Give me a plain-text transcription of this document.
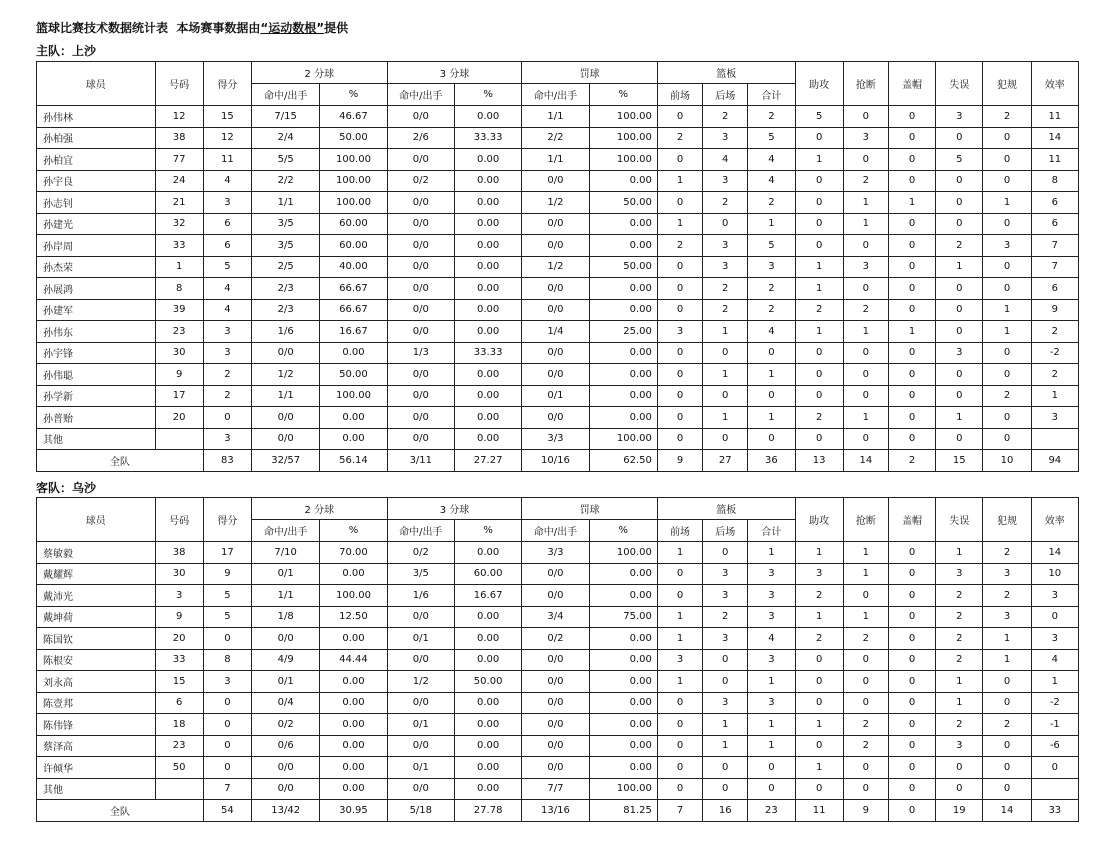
篮球比赛技术数据统计表 本场赛事数据由“运动数根”提供
主队：上沙
球员	号码	得分	2 分球		3 分球		罚球		篮板			助攻	抢断	盖帽	失误	犯规	效率
			命中/出手	%	命中/出手	%	命中/出手	%	前场	后场	合计						
孙伟林	12	15	7/15	46.67	0/0	0.00	1/1	100.00	0	2	2	5	0	0	3	2	11
孙柏强	38	12	2/4	50.00	2/6	33.33	2/2	100.00	2	3	5	0	3	0	0	0	14
孙柏宜	77	11	5/5	100.00	0/0	0.00	1/1	100.00	0	4	4	1	0	0	5	0	11
孙宇良	24	4	2/2	100.00	0/2	0.00	0/0	0.00	1	3	4	0	2	0	0	0	8
孙志钊	21	3	1/1	100.00	0/0	0.00	1/2	50.00	0	2	2	0	1	1	0	1	6
孙建光	32	6	3/5	60.00	0/0	0.00	0/0	0.00	1	0	1	0	1	0	0	0	6
孙岸周	33	6	3/5	60.00	0/0	0.00	0/0	0.00	2	3	5	0	0	0	2	3	7
孙杰荣	1	5	2/5	40.00	0/0	0.00	1/2	50.00	0	3	3	1	3	0	1	0	7
孙展鸿	8	4	2/3	66.67	0/0	0.00	0/0	0.00	0	2	2	1	0	0	0	0	6
孙建军	39	4	2/3	66.67	0/0	0.00	0/0	0.00	0	2	2	2	2	0	0	1	9
孙伟东	23	3	1/6	16.67	0/0	0.00	1/4	25.00	3	1	4	1	1	1	0	1	2
孙宇锋	30	3	0/0	0.00	1/3	33.33	0/0	0.00	0	0	0	0	0	0	3	0	-2
孙伟聪	9	2	1/2	50.00	0/0	0.00	0/0	0.00	0	1	1	0	0	0	0	0	2
孙学新	17	2	1/1	100.00	0/0	0.00	0/1	0.00	0	0	0	0	0	0	0	2	1
孙普贻	20	0	0/0	0.00	0/0	0.00	0/0	0.00	0	1	1	2	1	0	1	0	3
其他		3	0/0	0.00	0/0	0.00	3/3	100.00	0	0	0	0	0	0	0	0	
全队		83	32/57	56.14	3/11	27.27	10/16	62.50	9	27	36	13	14	2	15	10	94
客队：乌沙
球员	号码	得分	2 分球		3 分球		罚球		篮板			助攻	抢断	盖帽	失误	犯规	效率
			命中/出手	%	命中/出手	%	命中/出手	%	前场	后场	合计						
蔡敏毅	38	17	7/10	70.00	0/2	0.00	3/3	100.00	1	0	1	1	1	0	1	2	14
戴耀辉	30	9	0/1	0.00	3/5	60.00	0/0	0.00	0	3	3	3	1	0	3	3	10
戴沛光	3	5	1/1	100.00	1/6	16.67	0/0	0.00	0	3	3	2	0	0	2	2	3
戴坤荷	9	5	1/8	12.50	0/0	0.00	3/4	75.00	1	2	3	1	1	0	2	3	0
陈国钦	20	0	0/0	0.00	0/1	0.00	0/2	0.00	1	3	4	2	2	0	2	1	3
陈根安	33	8	4/9	44.44	0/0	0.00	0/0	0.00	3	0	3	0	0	0	2	1	4
刘永高	15	3	0/1	0.00	1/2	50.00	0/0	0.00	1	0	1	0	0	0	1	0	1
陈壹邦	6	0	0/4	0.00	0/0	0.00	0/0	0.00	0	3	3	0	0	0	1	0	-2
陈伟锋	18	0	0/2	0.00	0/1	0.00	0/0	0.00	0	1	1	1	2	0	2	2	-1
蔡泽高	23	0	0/6	0.00	0/0	0.00	0/0	0.00	0	1	1	0	2	0	3	0	-6
许倾华	50	0	0/0	0.00	0/1	0.00	0/0	0.00	0	0	0	1	0	0	0	0	0
其他		7	0/0	0.00	0/0	0.00	7/7	100.00	0	0	0	0	0	0	0	0	
全队		54	13/42	30.95	5/18	27.78	13/16	81.25	7	16	23	11	9	0	19	14	33
